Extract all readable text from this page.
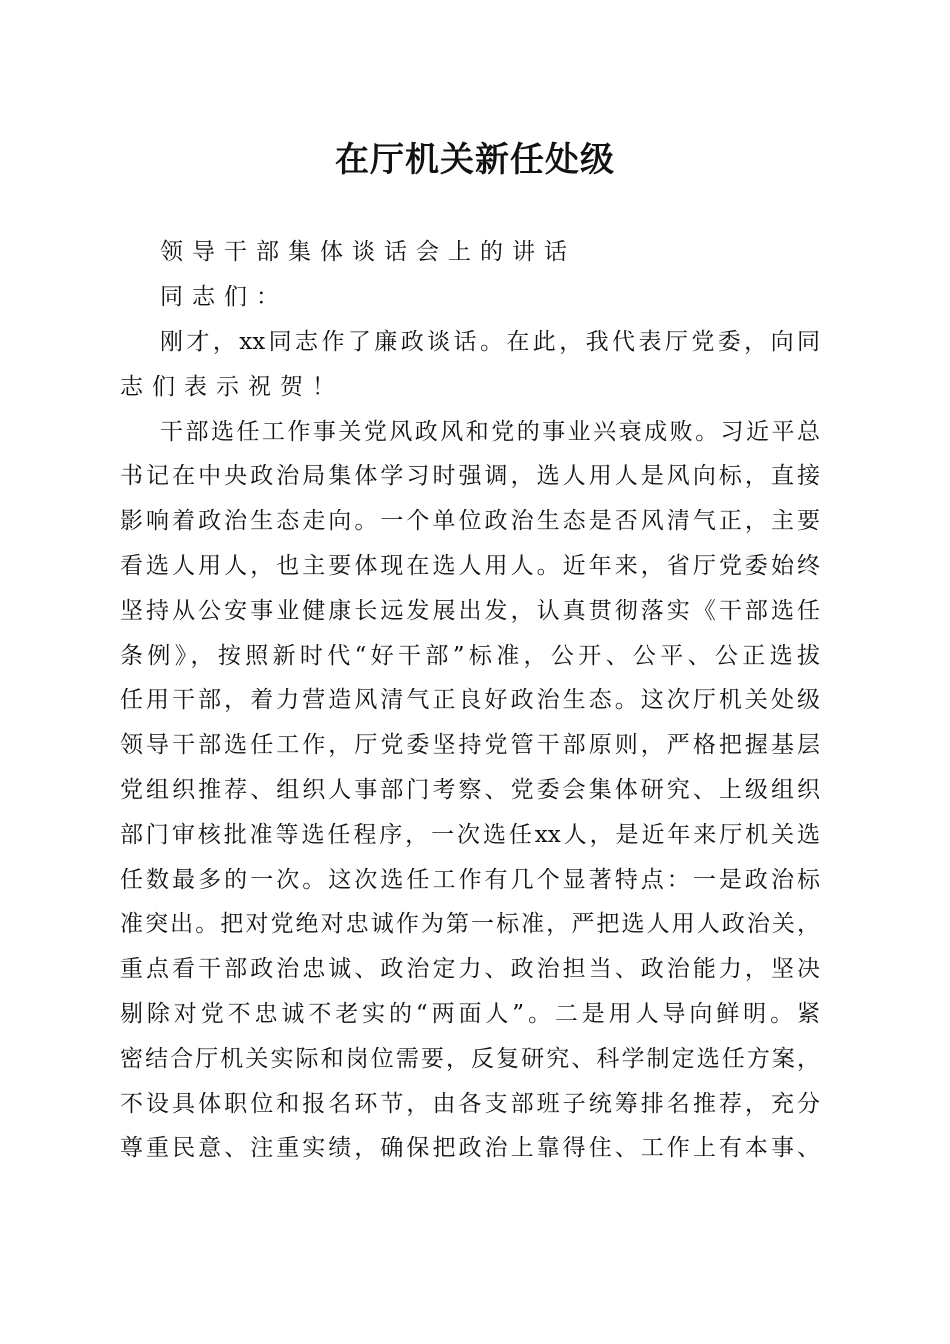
在厅机关新任处级
领导干部集体谈话会上的讲话
同志们：
刚才，xx同志作了廉政谈话。在此，我代表厅党委，向同
志们表示祝贺！
干部选任工作事关党风政风和党的事业兴衰成败。习近平总
书记在中央政治局集体学习时强调，选人用人是风向标，直接
影响着政治生态走向。一个单位政治生态是否风清气正，主要
看选人用人，也主要体现在选人用人。近年来，省厅党委始终
坚持从公安事业健康长远发展出发，认真贯彻落实《干部选任
条例》，按照新时代“好干部”标准，公开、公平、公正选拔
任用干部，着力营造风清气正良好政治生态。这次厅机关处级
领导干部选任工作，厅党委坚持党管干部原则，严格把握基层
党组织推荐、组织人事部门考察、党委会集体研究、上级组织
部门审核批准等选任程序，一次选任xx人，是近年来厅机关选
任数最多的一次。这次选任工作有几个显著特点：一是政治标
准突出。把对党绝对忠诚作为第一标准，严把选人用人政治关，
重点看干部政治忠诚、政治定力、政治担当、政治能力，坚决
剔除对党不忠诚不老实的“两面人”。二是用人导向鲜明。紧
密结合厅机关实际和岗位需要，反复研究、科学制定选任方案，
不设具体职位和报名环节，由各支部班子统筹排名推荐，充分
尊重民意、注重实绩，确保把政治上靠得住、工作上有本事、
